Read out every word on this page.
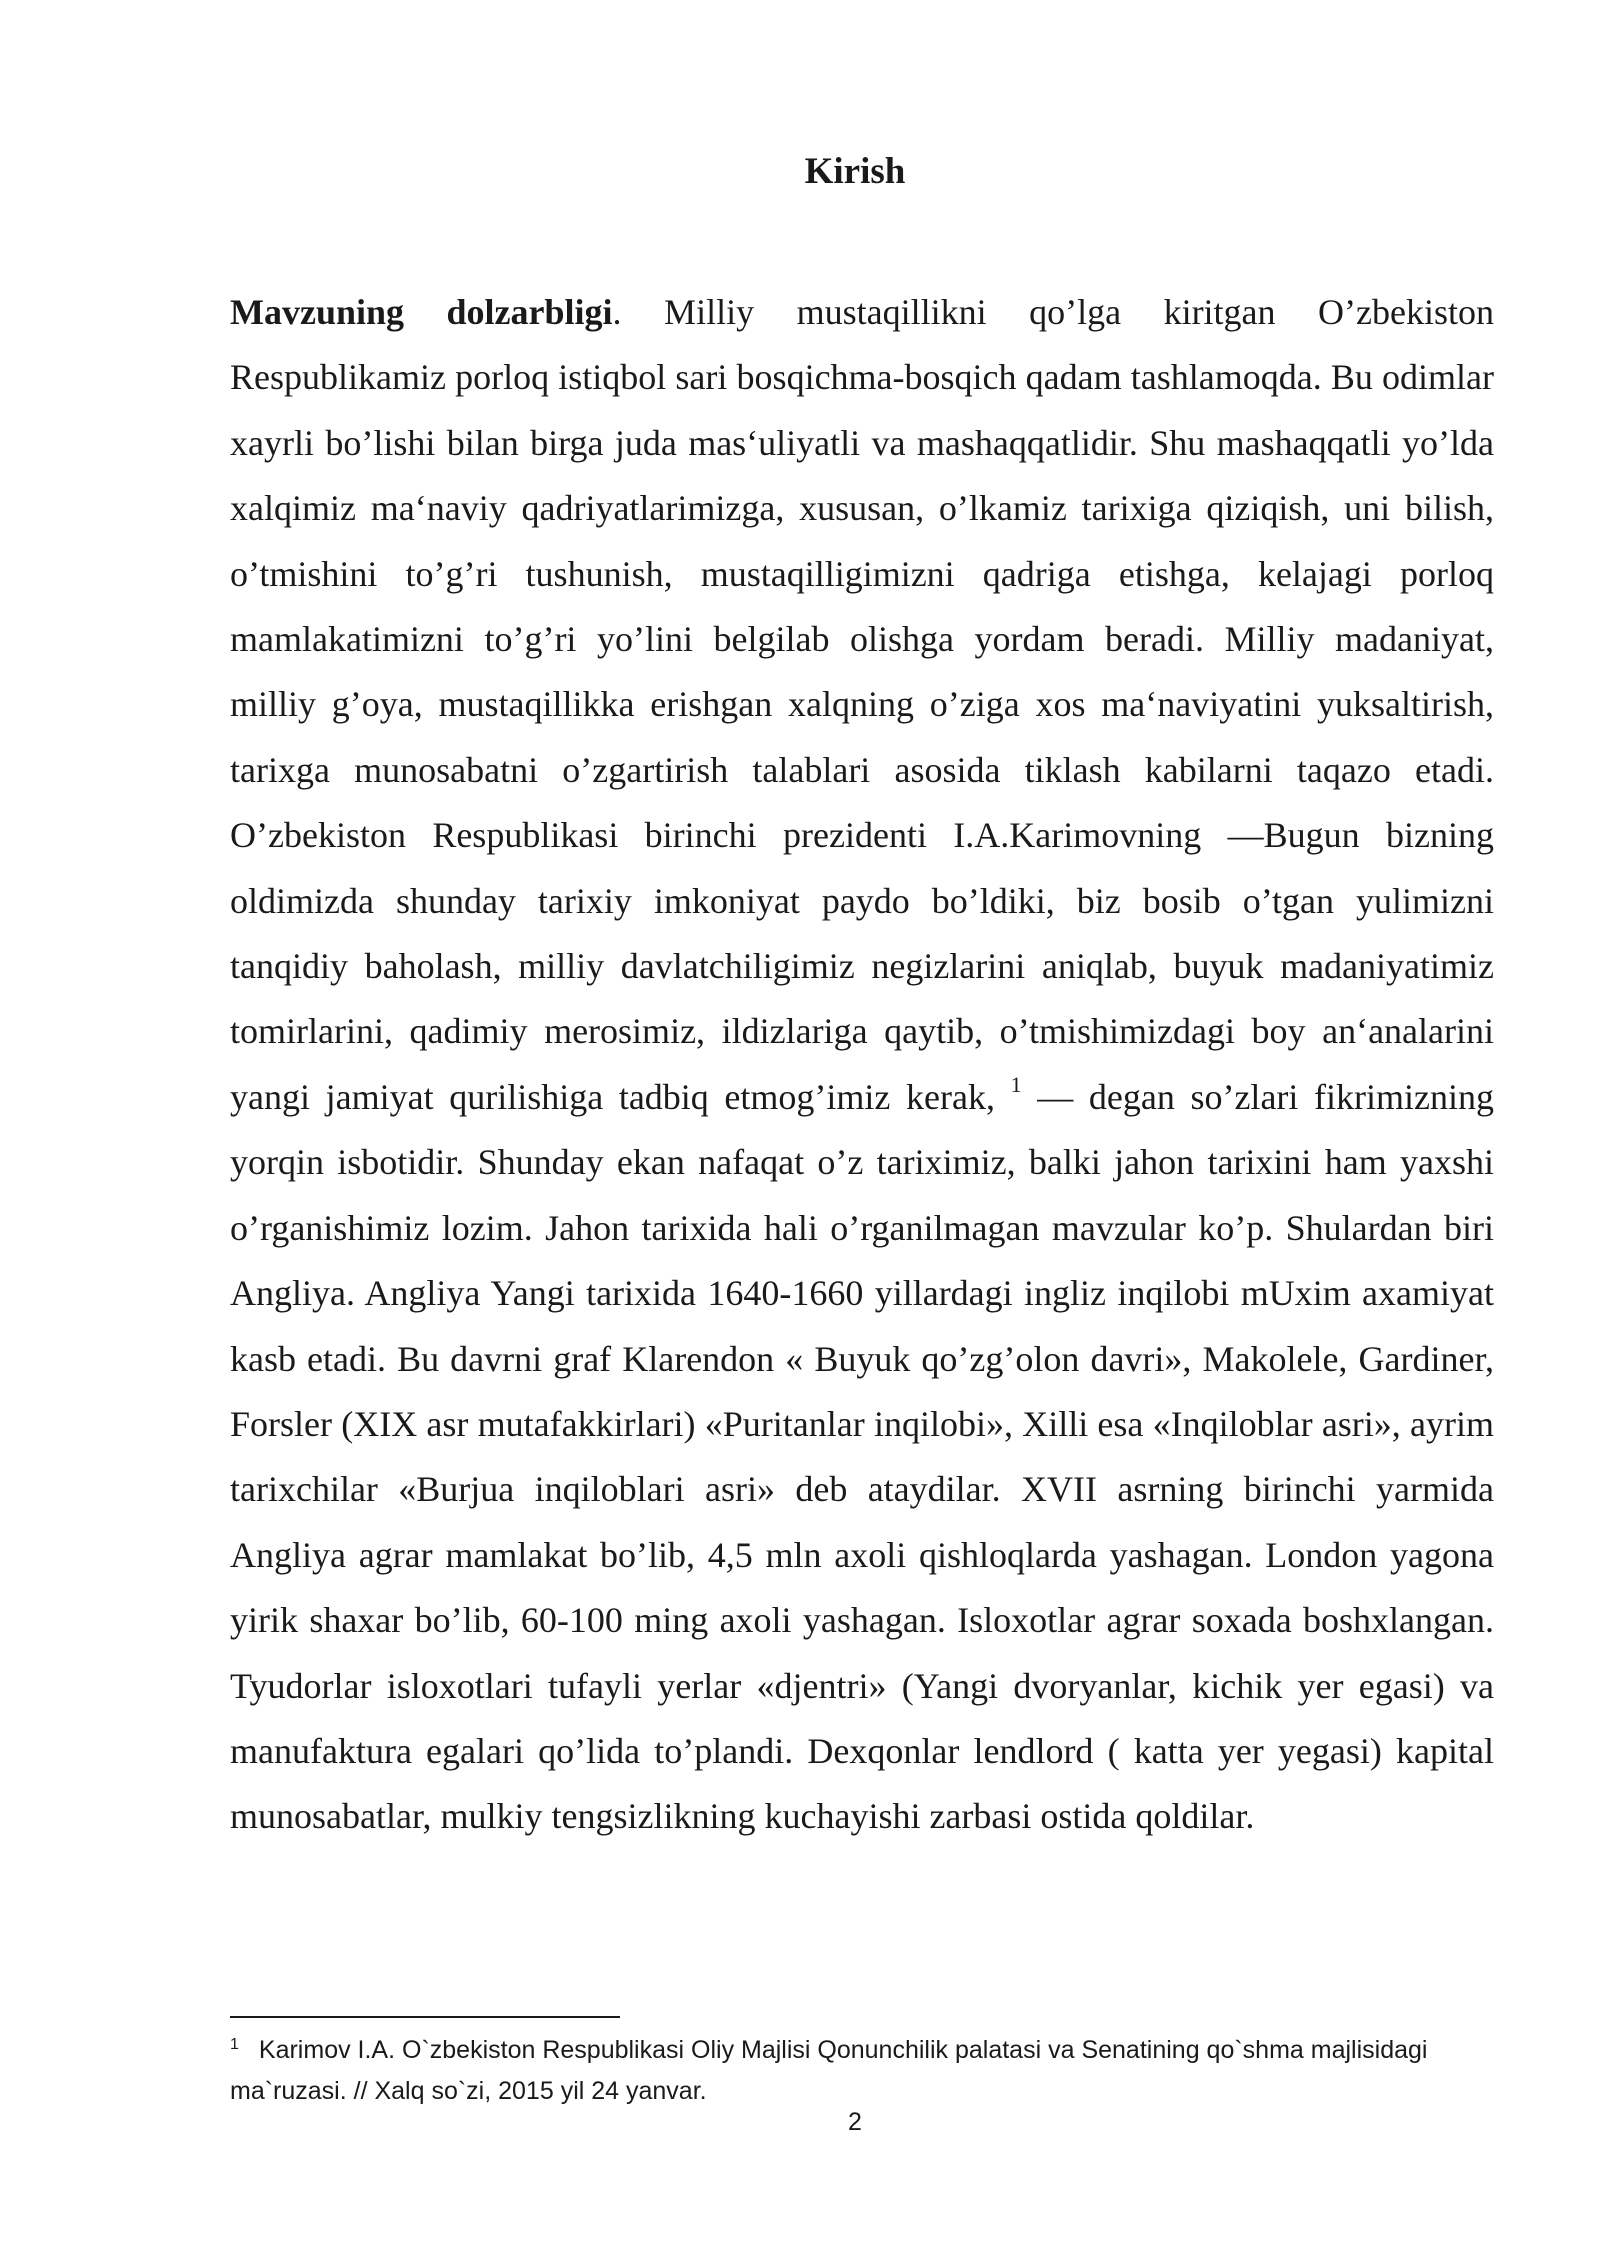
Kirish

Mavzuning dolzarbligi. Milliy mustaqillikni qo’lga kiritgan O’zbekiston Respublikamiz porloq istiqbol sari bosqichma-bosqich qadam tashlamoqda. Bu odimlar xayrli bo’lishi bilan birga juda mas‘uliyatli va mashaqqatlidir. Shu mashaqqatli yo’lda xalqimiz ma‘naviy qadriyatlarimizga, xususan, o’lkamiz tarixiga qiziqish, uni bilish, o’tmishini to’g’ri tushunish, mustaqilligimizni qadriga etishga, kelajagi porloq mamlakatimizni to’g’ri yo’lini belgilab olishga yordam beradi. Milliy madaniyat, milliy g’oya, mustaqillikka erishgan xalqning o’ziga xos ma‘naviyatini yuksaltirish, tarixga munosabatni o’zgartirish talablari asosida tiklash kabilarni taqazo etadi. O’zbekiston Respublikasi birinchi prezidenti I.A.Karimovning ―Bugun bizning oldimizda shunday tarixiy imkoniyat paydo bo’ldiki, biz bosib o’tgan yulimizni tanqidiy baholash, milliy davlatchiligimiz negizlarini aniqlab, buyuk madaniyatimiz tomirlarini, qadimiy merosimiz, ildizlariga qaytib, o’tmishimizdagi boy an‘analarini yangi jamiyat qurilishiga tadbiq etmog’imiz kerak, $^1$ ― degan so’zlari fikrimizning yorqin isbotidir. Shunday ekan nafaqat o’z tariximiz, balki jahon tarixini ham yaxshi o’rganishimiz lozim. Jahon tarixida hali o’rganilmagan mavzular ko’p. Shulardan biri Angliya. Angliya Yangi tarixida 1640-1660 yillardagi ingliz inqilobi mUxim axamiyat kasb etadi. Bu davrni graf Klarendon « Buyuk qo’zg’olon davri», Makolele, Gardiner, Forsler (XIX asr mutafakkirlari) «Puritanlar inqilobi», Xilli esa «Inqiloblar asri», ayrim tarixchilar «Burjua inqiloblari asri» deb ataydilar. XVII asrning birinchi yarmida Angliya agrar mamlakat bo’lib, 4,5 mln axoli qishloqlarda yashagan. London yagona yirik shaxar bo’lib, 60-100 ming axoli yashagan. Isloxotlar agrar soxada boshxlangan. Tyudorlar isloxotlari tufayli yerlar «djentri» (Yangi dvoryanlar, kichik yer egasi) va manufaktura egalari qo’lida to’plandi. Dexqonlar lendlord ( katta yer yegasi) kapital munosabatlar, mulkiy tengsizlikning kuchayishi zarbasi ostida qoldilar.

$^1$ Karimov I.A. O`zbekiston Respublikasi Oliy Majlisi Qonunchilik palatasi va Senatining qo`shma majlisidagi ma`ruzasi. // Xalq so`zi, 2015 yil 24 yanvar.

2
